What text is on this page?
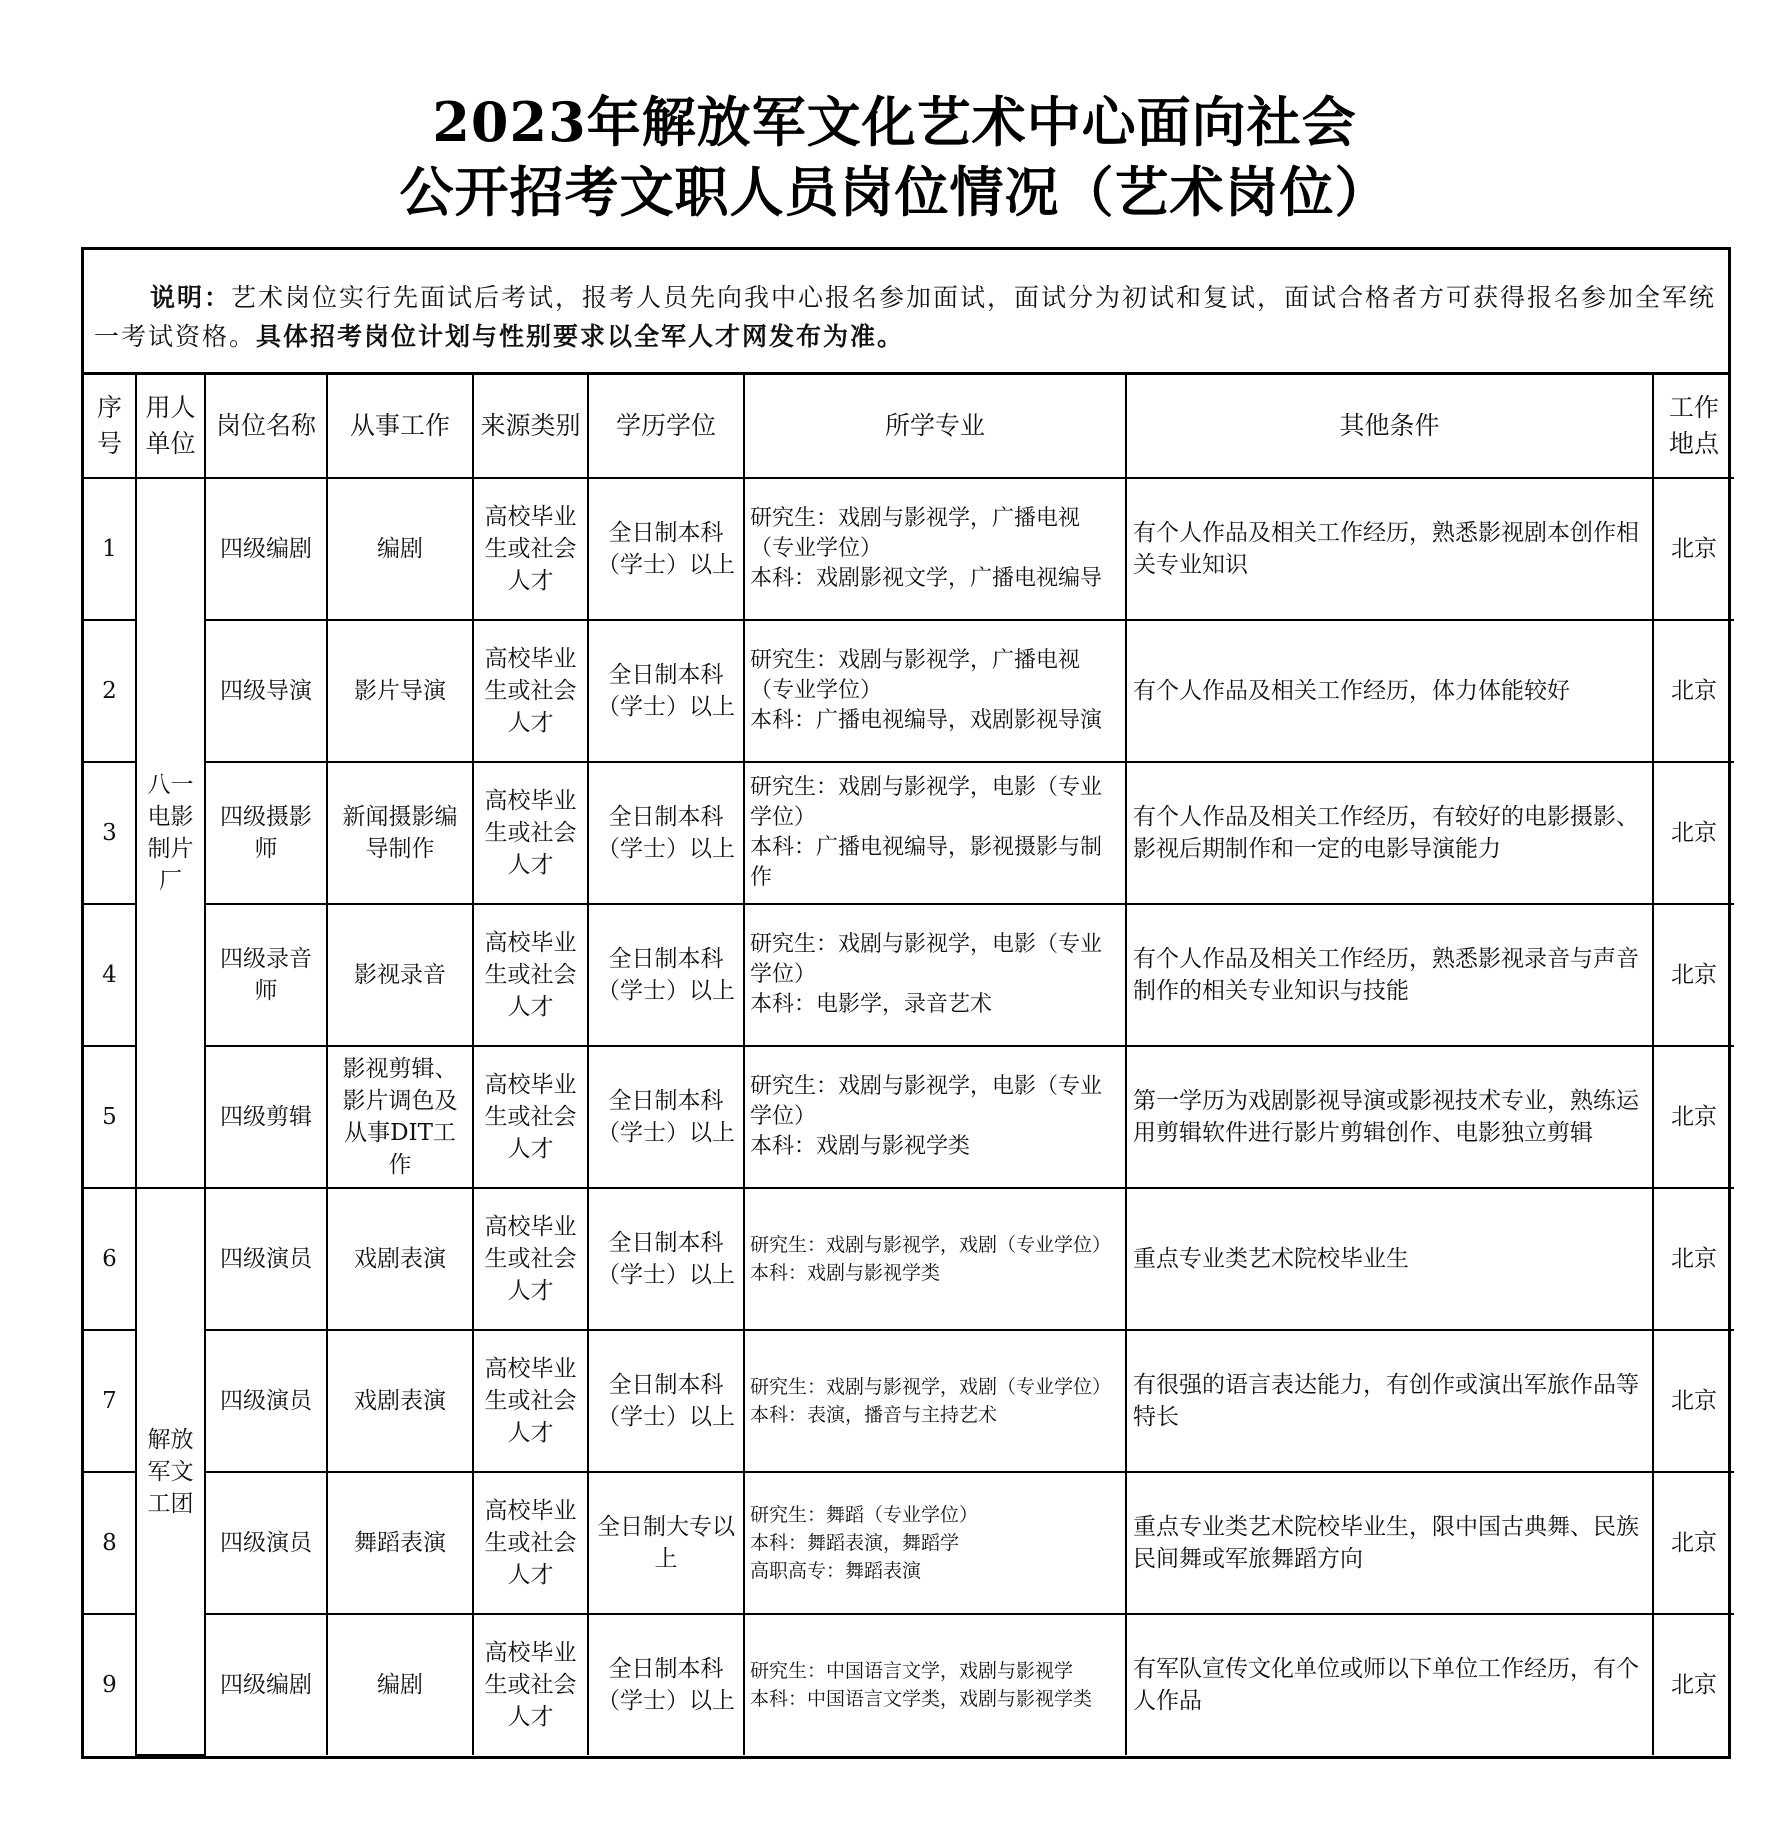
2023年解放军文化艺术中心面向社会
公开招考文职人员岗位情况（艺术岗位）
说明：艺术岗位实行先面试后考试，报考人员先向我中心报名参加面试，面试分为初试和复试，面试合格者方可获得报名参加全军统一考试资格。具体招考岗位计划与性别要求以全军人才网发布为准。
序号	用人单位	岗位名称	从事工作	来源类别	学历学位	所学专业	其他条件	工作地点
1	八一电影制片厂	四级编剧	编剧	高校毕业生或社会人才	全日制本科（学士）以上	研究生：戏剧与影视学，广播电视（专业学位）
本科：戏剧影视文学，广播电视编导	有个人作品及相关工作经历，熟悉影视剧本创作相关专业知识	北京
2		四级导演	影片导演	高校毕业生或社会人才	全日制本科（学士）以上	研究生：戏剧与影视学，广播电视（专业学位）
本科：广播电视编导，戏剧影视导演	有个人作品及相关工作经历，体力体能较好	北京
3		四级摄影师	新闻摄影编导制作	高校毕业生或社会人才	全日制本科（学士）以上	研究生：戏剧与影视学，电影（专业学位）
本科：广播电视编导，影视摄影与制作	有个人作品及相关工作经历，有较好的电影摄影、影视后期制作和一定的电影导演能力	北京
4		四级录音师	影视录音	高校毕业生或社会人才	全日制本科（学士）以上	研究生：戏剧与影视学，电影（专业学位）
本科：电影学，录音艺术	有个人作品及相关工作经历，熟悉影视录音与声音制作的相关专业知识与技能	北京
5		四级剪辑	影视剪辑、影片调色及从事DIT工作	高校毕业生或社会人才	全日制本科（学士）以上	研究生：戏剧与影视学，电影（专业学位）
本科：戏剧与影视学类	第一学历为戏剧影视导演或影视技术专业，熟练运用剪辑软件进行影片剪辑创作、电影独立剪辑	北京
6	解放军文工团	四级演员	戏剧表演	高校毕业生或社会人才	全日制本科（学士）以上	研究生：戏剧与影视学，戏剧（专业学位）
本科：戏剧与影视学类	重点专业类艺术院校毕业生	北京
7		四级演员	戏剧表演	高校毕业生或社会人才	全日制本科（学士）以上	研究生：戏剧与影视学，戏剧（专业学位）
本科：表演，播音与主持艺术	有很强的语言表达能力，有创作或演出军旅作品等特长	北京
8		四级演员	舞蹈表演	高校毕业生或社会人才	全日制大专以上	研究生：舞蹈（专业学位）
本科：舞蹈表演，舞蹈学
高职高专：舞蹈表演	重点专业类艺术院校毕业生，限中国古典舞、民族民间舞或军旅舞蹈方向	北京
9		四级编剧	编剧	高校毕业生或社会人才	全日制本科（学士）以上	研究生：中国语言文学，戏剧与影视学
本科：中国语言文学类，戏剧与影视学类	有军队宣传文化单位或师以下单位工作经历，有个人作品	北京
